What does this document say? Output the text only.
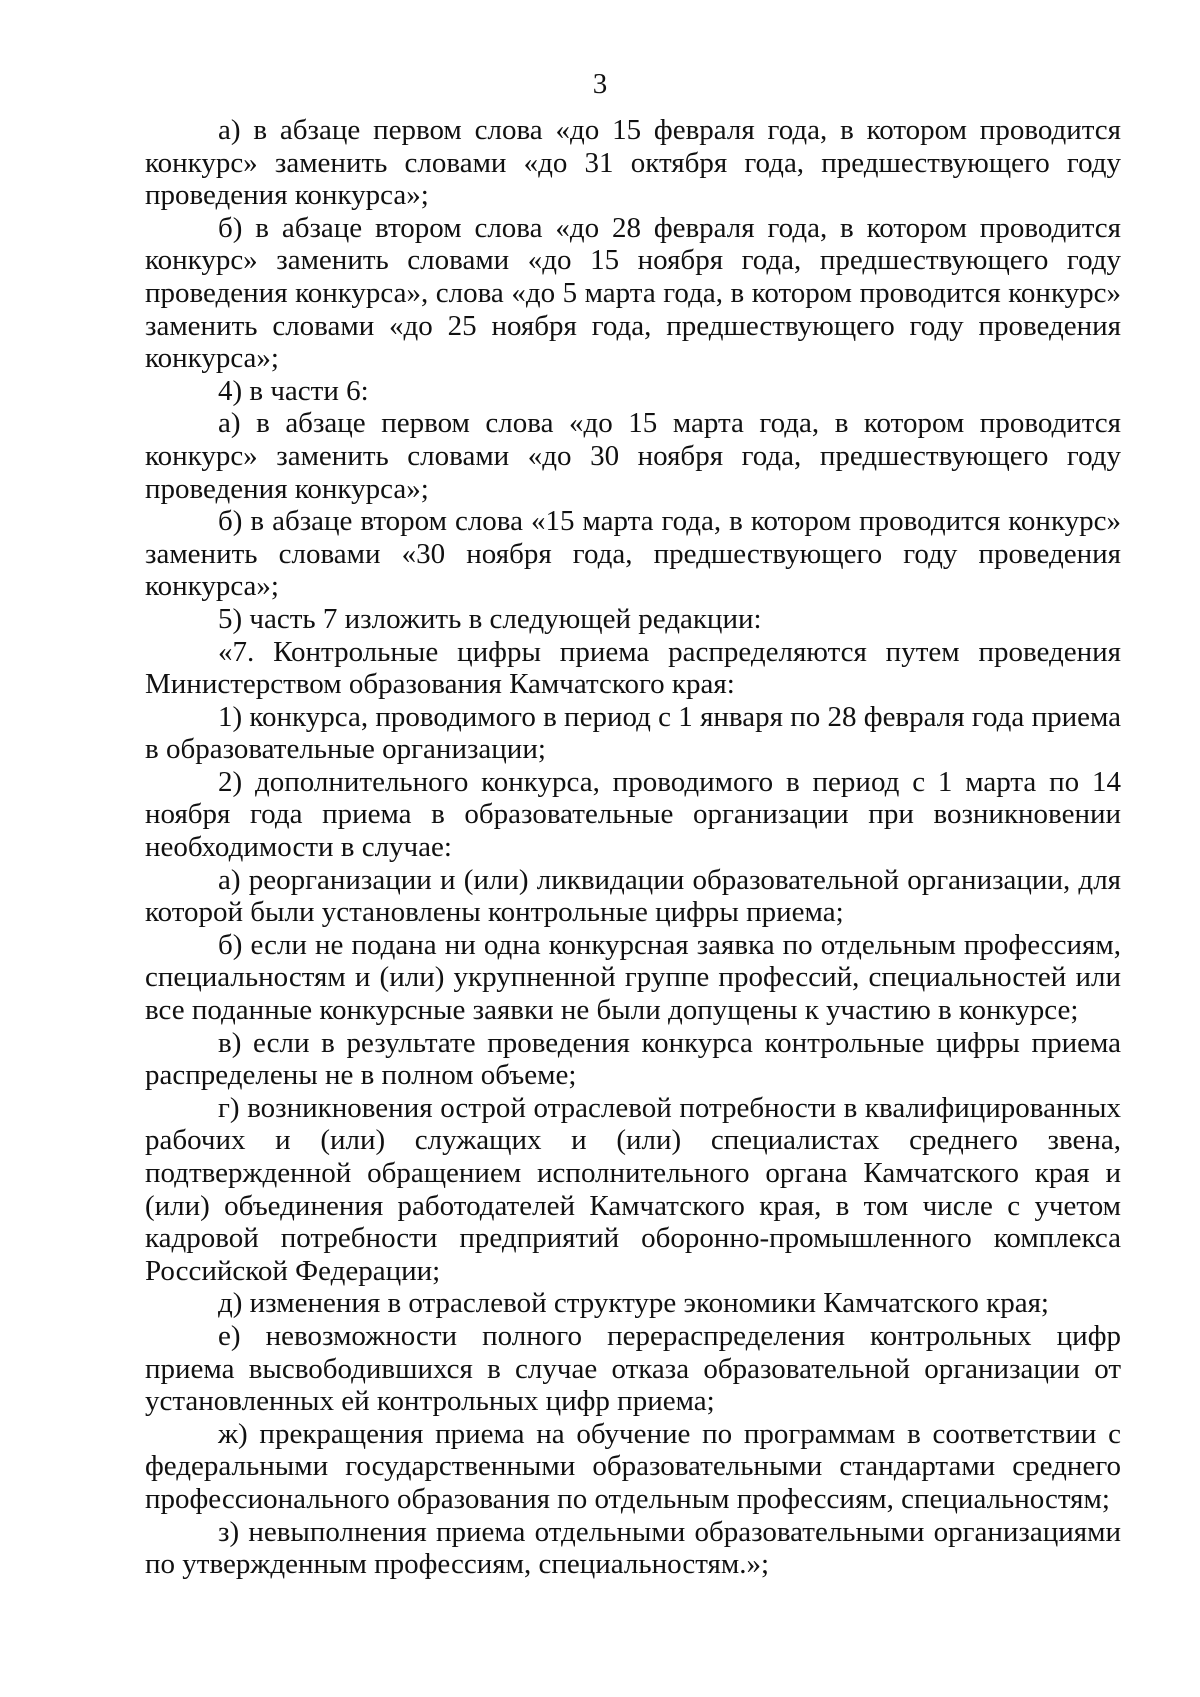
3

а) в абзаце первом слова «до 15 февраля года, в котором проводится конкурс» заменить словами «до 31 октября года, предшествующего году проведения конкурса»;

б) в абзаце втором слова «до 28 февраля года, в котором проводится конкурс» заменить словами «до 15 ноября года, предшествующего году проведения конкурса», слова «до 5 марта года, в котором проводится конкурс» заменить словами «до 25 ноября года, предшествующего году проведения конкурса»;

4) в части 6:

а) в абзаце первом слова «до 15 марта года, в котором проводится конкурс» заменить словами «до 30 ноября года, предшествующего году проведения конкурса»;

б) в абзаце втором слова «15 марта года, в котором проводится конкурс» заменить словами «30 ноября года, предшествующего году проведения конкурса»;

5) часть 7 изложить в следующей редакции:

«7. Контрольные цифры приема распределяются путем проведения Министерством образования Камчатского края:

1) конкурса, проводимого в период с 1 января по 28 февраля года приема в образовательные организации;

2) дополнительного конкурса, проводимого в период с 1 марта по 14 ноября года приема в образовательные организации при возникновении необходимости в случае:

а) реорганизации и (или) ликвидации образовательной организации, для которой были установлены контрольные цифры приема;

б) если не подана ни одна конкурсная заявка по отдельным профессиям, специальностям и (или) укрупненной группе профессий, специальностей или все поданные конкурсные заявки не были допущены к участию в конкурсе;

в) если в результате проведения конкурса контрольные цифры приема распределены не в полном объеме;

г) возникновения острой отраслевой потребности в квалифицированных рабочих и (или) служащих и (или) специалистах среднего звена, подтвержденной обращением исполнительного органа Камчатского края и (или) объединения работодателей Камчатского края, в том числе с учетом кадровой потребности предприятий оборонно-промышленного комплекса Российской Федерации;

д) изменения в отраслевой структуре экономики Камчатского края;

е) невозможности полного перераспределения контрольных цифр приема высвободившихся в случае отказа образовательной организации от установленных ей контрольных цифр приема;

ж) прекращения приема на обучение по программам в соответствии с федеральными государственными образовательными стандартами среднего профессионального образования по отдельным профессиям, специальностям;

з) невыполнения приема отдельными образовательными организациями по утвержденным профессиям, специальностям.»;
